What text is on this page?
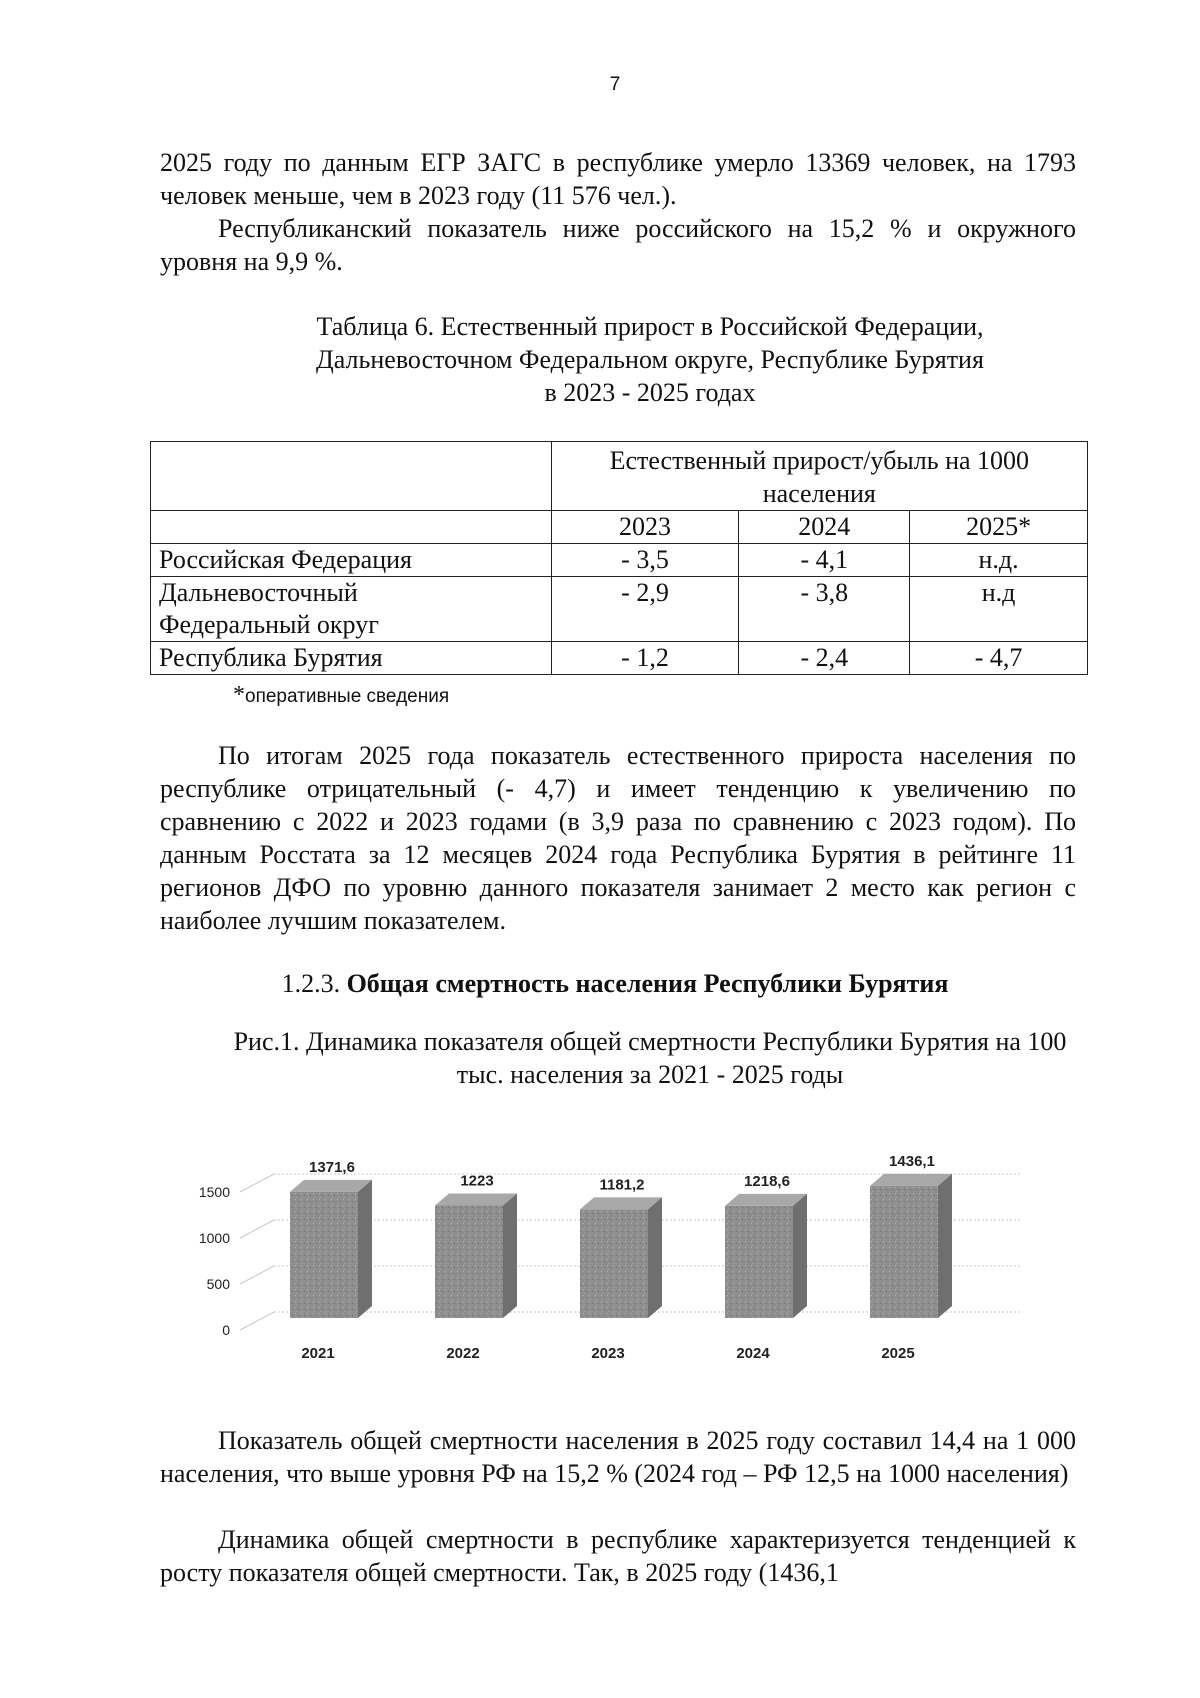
7

2025 году по данным ЕГР ЗАГС в республике умерло 13369 человек, на 1793 человек меньше, чем в 2023 году (11 576 чел.).

Республиканский показатель ниже российского на 15,2 % и окружного уровня на 9,9 %.

Таблица 6. Естественный прирост в Российской Федерации,
Дальневосточном Федеральном округе, Республике Бурятия
в 2023 - 2025 годах

	Естественный прирост/убыль на 1000
населения		

	2023	2024	2025*
Российская Федерация	- 3,5	- 4,1	н.д.

Дальневосточный
Федеральный округ	- 2,9	- 3,8	н.д
Республика Бурятия	- 1,2	- 2,4	- 4,7
*оперативные сведения

По итогам 2025 года показатель естественного прироста населения по республике отрицательный (- 4,7) и имеет тенденцию к увеличению по сравнению с 2022 и 2023 годами (в 3,9 раза по сравнению с 2023 годом). По данным Росстата за 12 месяцев 2024 года Республика Бурятия в рейтинге 11 регионов ДФО по уровню данного показателя занимает 2 место как регион с наиболее лучшим показателем.

1.2.3. Общая смертность населения Республики Бурятия

Рис.1. Динамика показателя общей смертности Республики Бурятия на 100
тыс. населения за 2021 - 2025 годы
0
500
1000
1500
1371,6
1223	1181,2	1218,6
1436,1
2021	2022	2023	2024	2025

Показатель общей смертности населения в 2025 году составил 14,4 на 1 000 населения, что выше уровня РФ на 15,2 % (2024 год – РФ 12,5 на 1000 населения)

Динамика общей смертности в республике характеризуется тенденцией к росту показателя общей смертности. Так, в 2025 году (1436,1
